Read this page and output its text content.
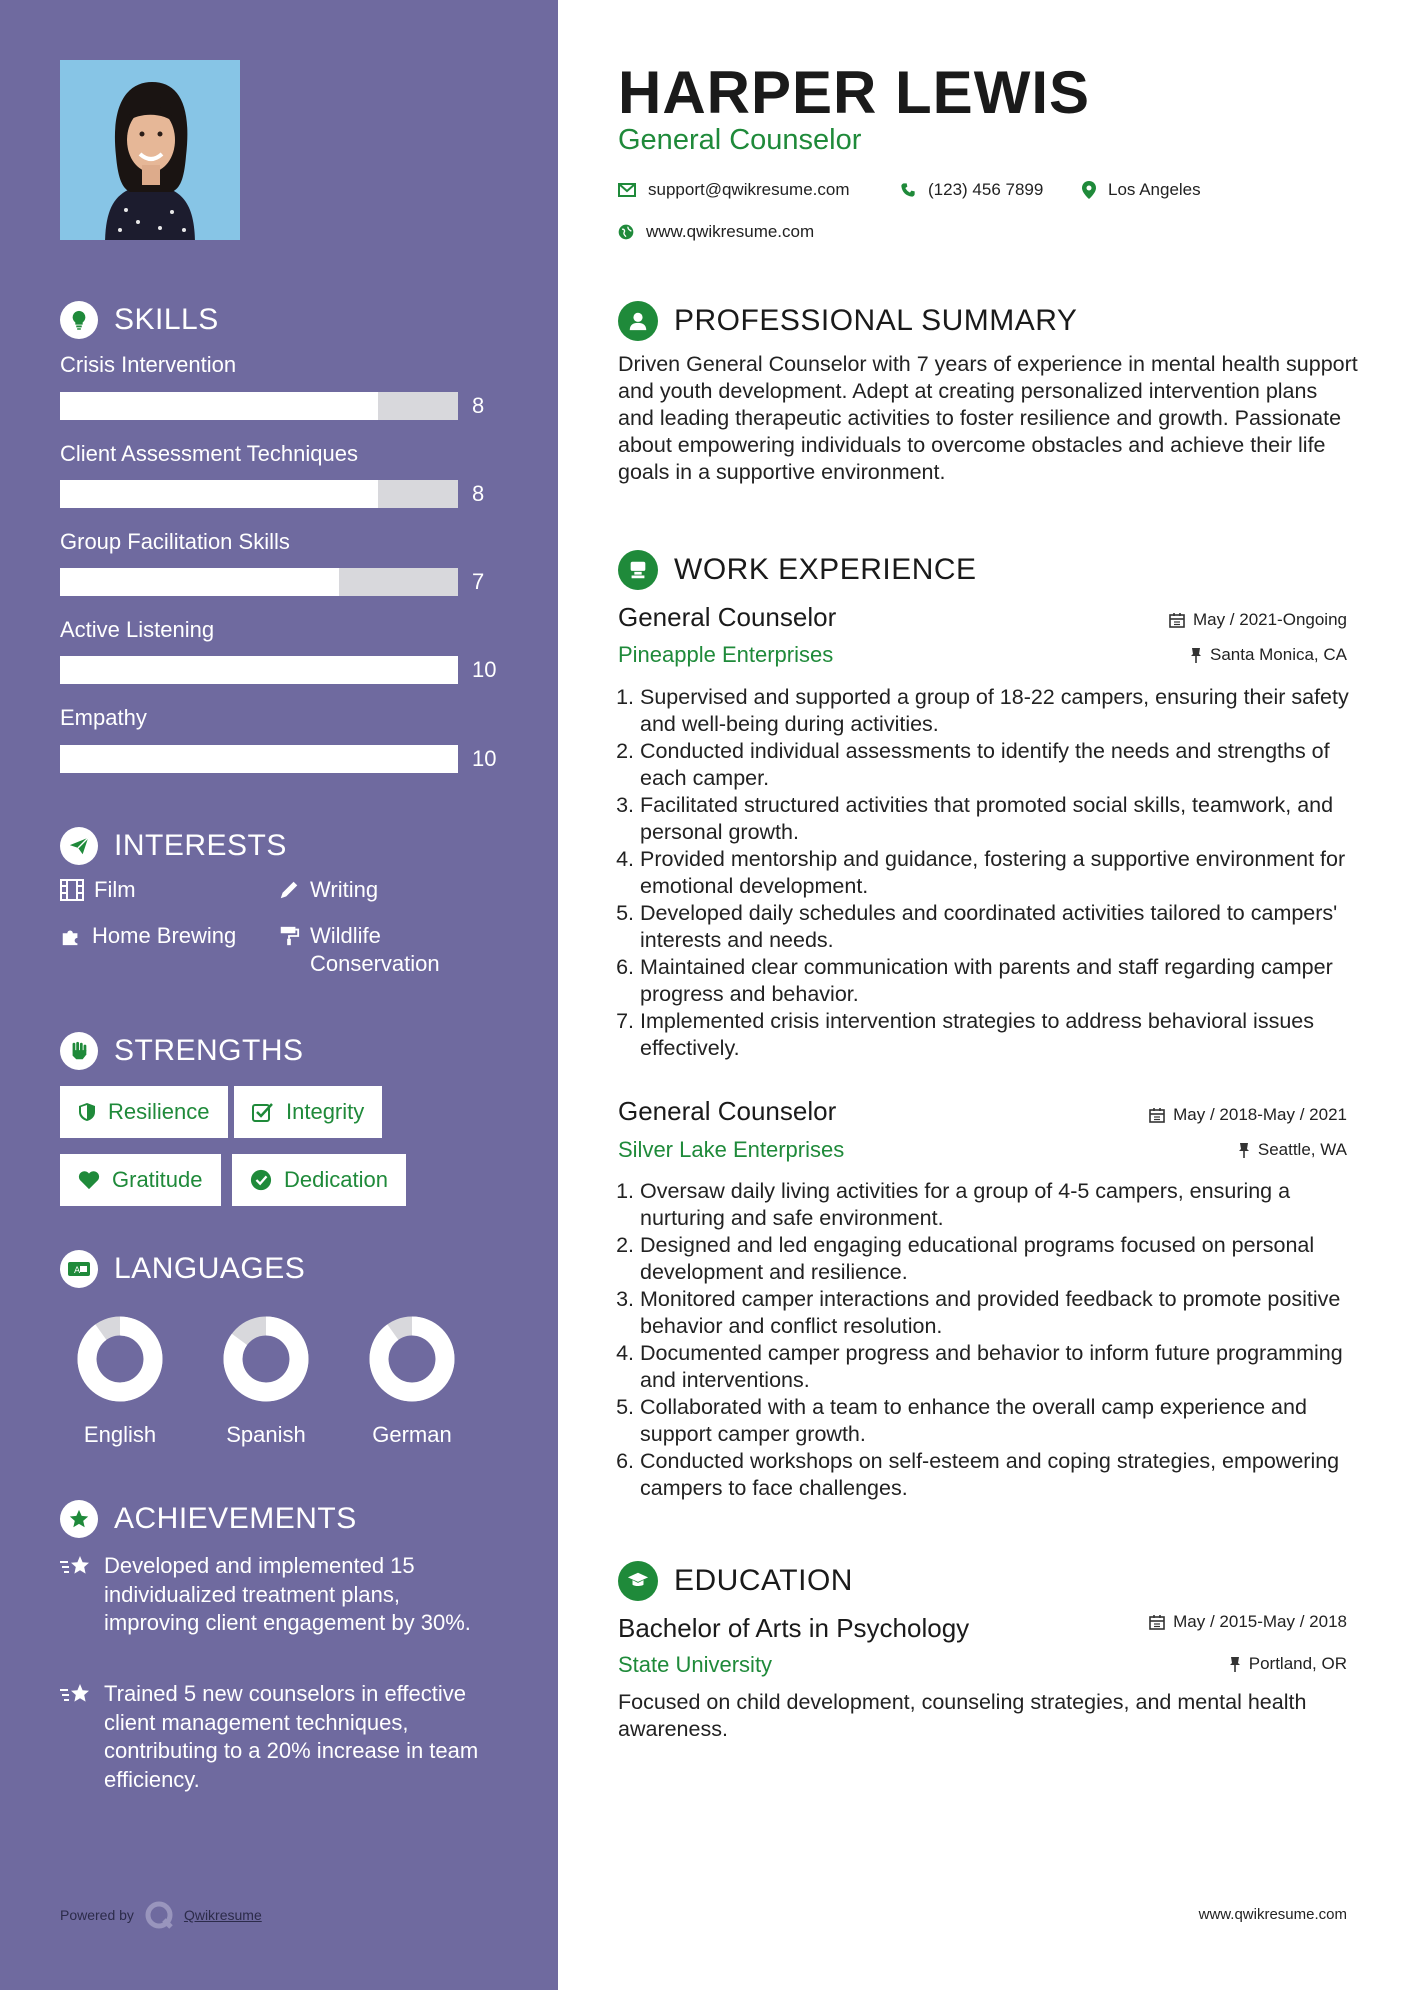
SKILLS
Crisis Intervention
8
Client Assessment Techniques
8
Group Facilitation Skills
7
Active Listening
10
Empathy
10
INTERESTS
Film	Writing
Home Brewing	Wildlife Conservation
STRENGTHS
Resilience	Integrity
Gratitude	Dedication
A LANGUAGES
English	Spanish	German
ACHIEVEMENTS
Developed and implemented 15 individualized treatment plans, improving client engagement by 30%.
Trained 5 new counselors in effective client management techniques, contributing to a 20% increase in team efficiency.
Powered by	Qwikresume
HARPER LEWIS
General Counselor
support@qwikresume.com	(123) 456 7899	Los Angeles
www.qwikresume.com
PROFESSIONAL SUMMARY
Driven General Counselor with 7 years of experience in mental health support and youth development. Adept at creating personalized intervention plans and leading therapeutic activities to foster resilience and growth. Passionate about empowering individuals to overcome obstacles and achieve their life goals in a supportive environment.
WORK EXPERIENCE
General Counselor	May / 2021-Ongoing
Pineapple Enterprises	Santa Monica, CA
1. Supervised and supported a group of 18-22 campers, ensuring their safety and well-being during activities.
2. Conducted individual assessments to identify the needs and strengths of each camper.
3. Facilitated structured activities that promoted social skills, teamwork, and personal growth.
4. Provided mentorship and guidance, fostering a supportive environment for emotional development.
5. Developed daily schedules and coordinated activities tailored to campers' interests and needs.
6. Maintained clear communication with parents and staff regarding camper progress and behavior.
7. Implemented crisis intervention strategies to address behavioral issues effectively.
General Counselor	May / 2018-May / 2021
Silver Lake Enterprises	Seattle, WA
1. Oversaw daily living activities for a group of 4-5 campers, ensuring a nurturing and safe environment.
2. Designed and led engaging educational programs focused on personal development and resilience.
3. Monitored camper interactions and provided feedback to promote positive behavior and conflict resolution.
4. Documented camper progress and behavior to inform future programming and interventions.
5. Collaborated with a team to enhance the overall camp experience and support camper growth.
6. Conducted workshops on self-esteem and coping strategies, empowering campers to face challenges.
EDUCATION
Bachelor of Arts in Psychology	May / 2015-May / 2018
State University	Portland, OR
Focused on child development, counseling strategies, and mental health awareness.
www.qwikresume.com
